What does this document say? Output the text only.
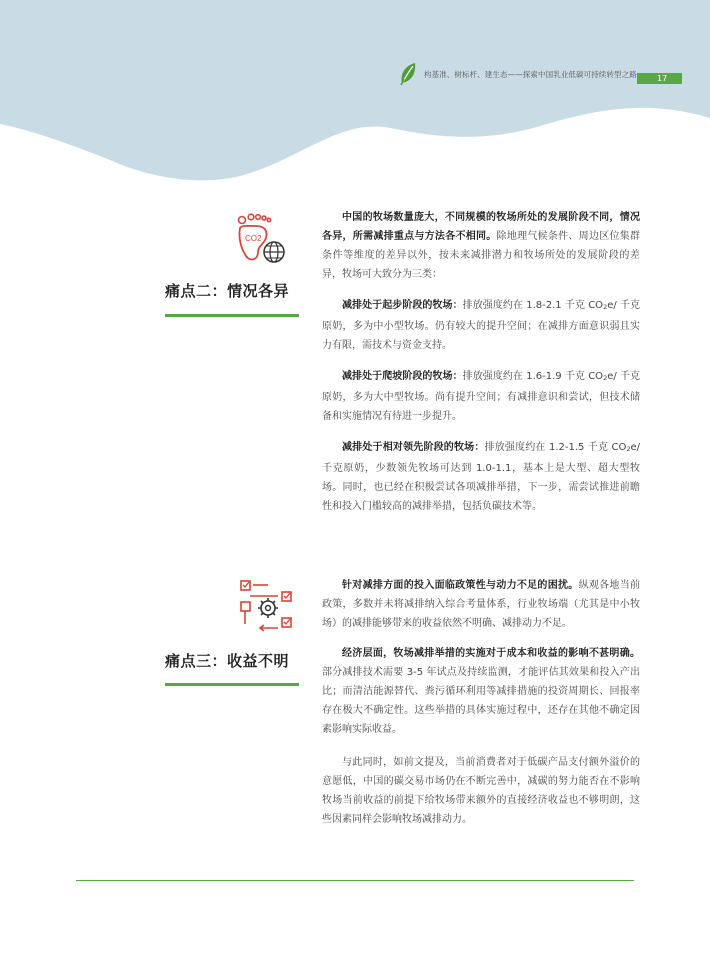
构基准、树标杆、建生态——探索中国乳业低碳可持续转型之路	17
CO2
痛点二：情况各异

中国的牧场数量庞大，不同规模的牧场所处的发展阶段不同，情况各异，所需减排重点与方法各不相同。除地理气候条件、周边区位集群条件等维度的差异以外，按未来减排潜力和牧场所处的发展阶段的差异，牧场可大致分为三类：

减排处于起步阶段的牧场：排放强度约在 1.8-2.1 千克 $CO_2e/$ 千克原奶，多为中小型牧场。仍有较大的提升空间；在减排方面意识弱且实力有限，需技术与资金支持。

减排处于爬坡阶段的牧场：排放强度约在 1.6-1.9 千克 $CO_2e/$ 千克原奶，多为大中型牧场。尚有提升空间；有减排意识和尝试，但技术储备和实施情况有待进一步提升。

减排处于相对领先阶段的牧场：排放强度约在 1.2-1.5 千克 $CO_2e/$ 千克原奶，少数领先牧场可达到 1.0-1.1，基本上是大型、超大型牧场。同时，也已经在积极尝试各项减排举措，下一步，需尝试推进前瞻性和投入门槛较高的减排举措，包括负碳技术等。

痛点三：收益不明

针对减排方面的投入面临政策性与动力不足的困扰。纵观各地当前政策，多数并未将减排纳入综合考量体系，行业牧场端（尤其是中小牧场）的减排能够带来的收益依然不明确、减排动力不足。

经济层面，牧场减排举措的实施对于成本和收益的影响不甚明确。部分减排技术需要 3-5 年试点及持续监测，才能评估其效果和投入产出比；而清洁能源替代、粪污循环利用等减排措施的投资周期长、回报率存在极大不确定性。这些举措的具体实施过程中，还存在其他不确定因素影响实际收益。

与此同时，如前文提及，当前消费者对于低碳产品支付额外溢价的意愿低，中国的碳交易市场仍在不断完善中，减碳的努力能否在不影响牧场当前收益的前提下给牧场带来额外的直接经济收益也不够明朗，这些因素同样会影响牧场减排动力。
